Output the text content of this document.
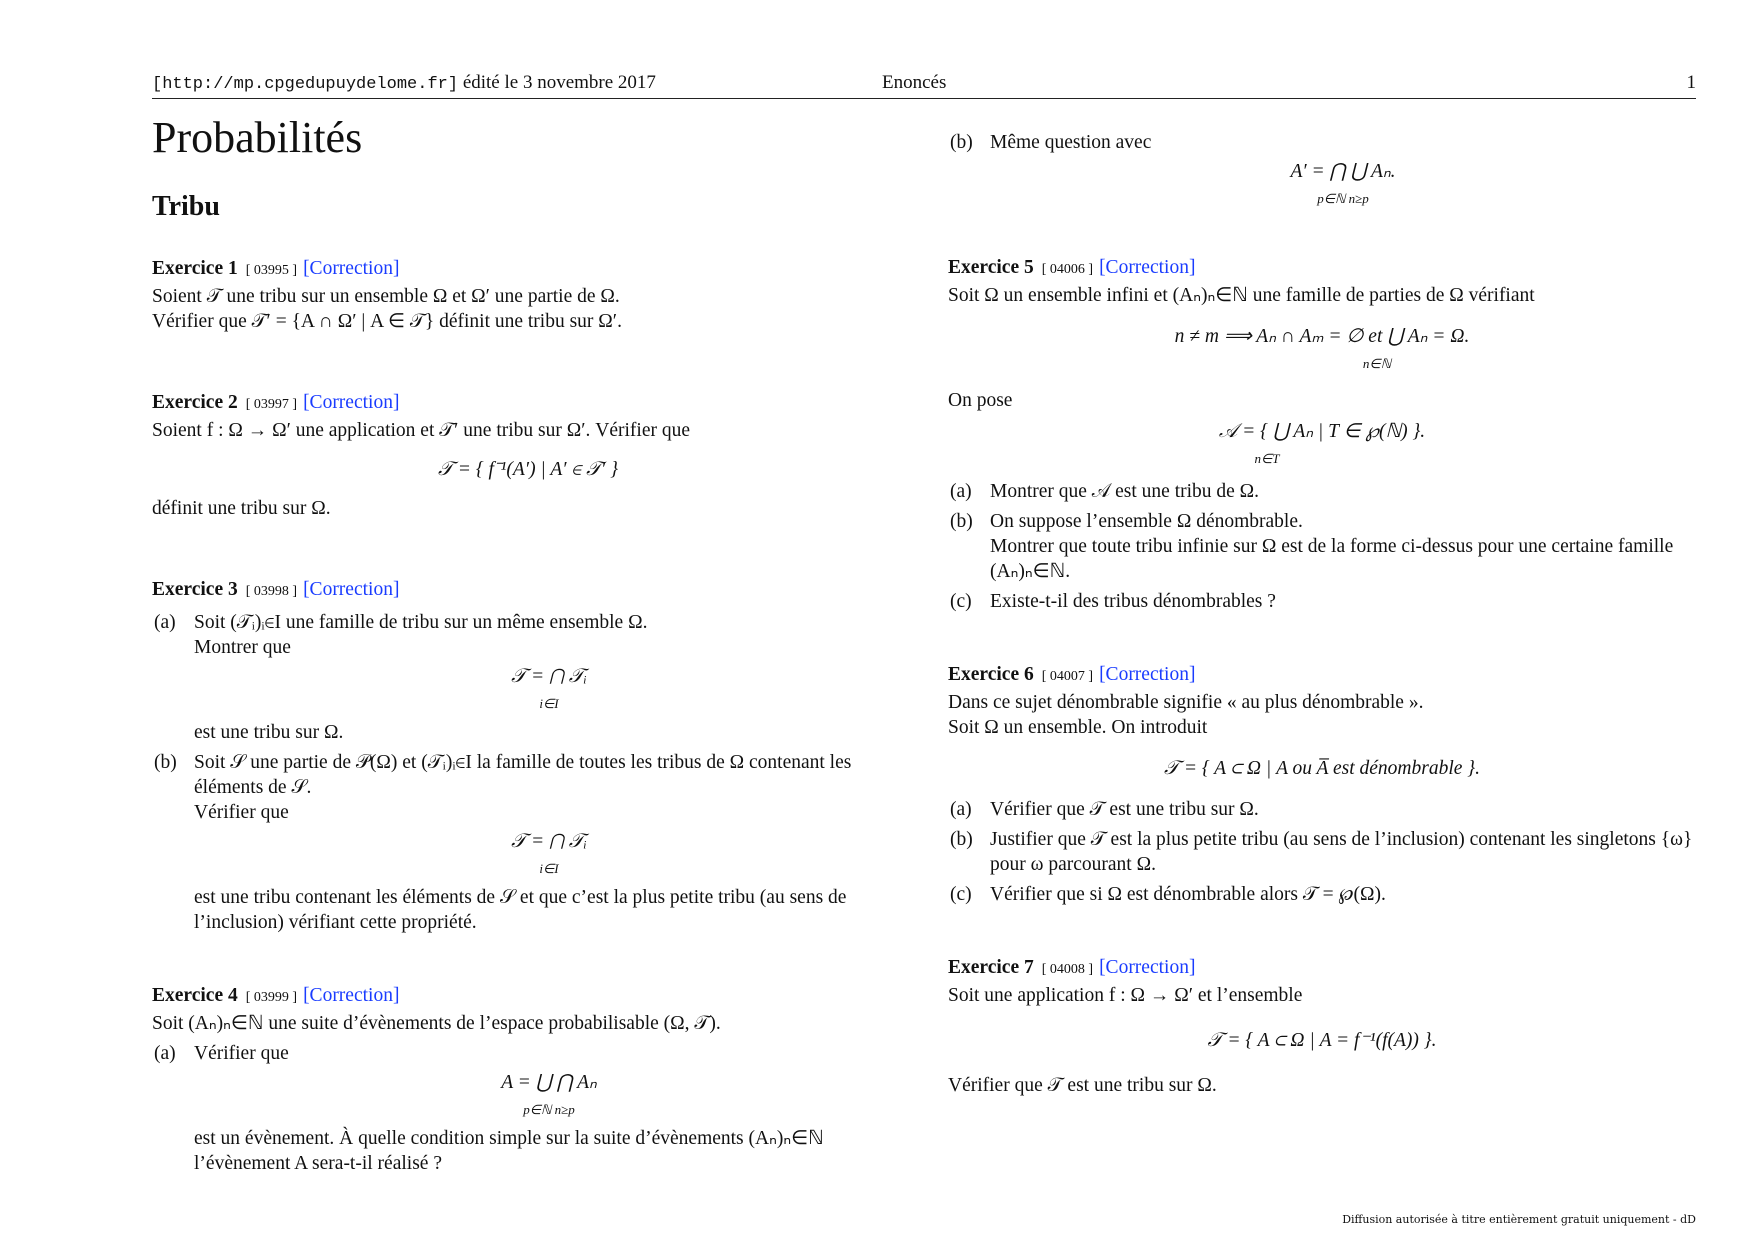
[http://mp.cpgedupuydelome.fr] édité le 3 novembre 2017	Enoncés	1
Probabilités
Tribu
Exercice 1 [ 03995 ] [Correction]

Soient 𝒯 une tribu sur un ensemble Ω et Ω′ une partie de Ω.

Vérifier que 𝒯′ = {A ∩ Ω′ | A ∈ 𝒯} définit une tribu sur Ω′.

Exercice 2 [ 03997 ] [Correction]

Soient f : Ω → Ω′ une application et 𝒯′ une tribu sur Ω′. Vérifier que

𝒯 = { f⁻¹(A′) | A′ ∈ 𝒯′ }

définit une tribu sur Ω.

Exercice 3 [ 03998 ] [Correction]
(a) Soit (𝒯ᵢ)ᵢ∈I une famille de tribu sur un même ensemble Ω.

Montrer que

𝒯 = ⋂ 𝒯ᵢ
i∈I

est une tribu sur Ω.

(b) Soit 𝒮 une partie de 𝒫(Ω) et (𝒯ᵢ)ᵢ∈I la famille de toutes les tribus de Ω contenant les éléments de 𝒮.

Vérifier que

𝒯 = ⋂ 𝒯ᵢ
i∈I

est une tribu contenant les éléments de 𝒮 et que c’est la plus petite tribu (au sens de l’inclusion) vérifiant cette propriété.

Exercice 4 [ 03999 ] [Correction]

Soit (Aₙ)ₙ∈ℕ une suite d’évènements de l’espace probabilisable (Ω, 𝒯).

(a) Vérifier que

A = ⋃ ⋂ Aₙ
p∈ℕ n≥p

est un évènement. À quelle condition simple sur la suite d’évènements (Aₙ)ₙ∈ℕ l’évènement A sera-t-il réalisé ?

(b) Même question avec

A′ = ⋂ ⋃ Aₙ.
p∈ℕ n≥p
Exercice 5 [ 04006 ] [Correction]

Soit Ω un ensemble infini et (Aₙ)ₙ∈ℕ une famille de parties de Ω vérifiant

n ≠ m ⟹ Aₙ ∩ Aₘ = ∅ et ⋃ Aₙ = Ω.
n∈ℕ

On pose

𝒜 = { ⋃ Aₙ | T ∈ ℘(ℕ) }.
n∈T
(a) Montrer que 𝒜 est une tribu de Ω.

(b) On suppose l’ensemble Ω dénombrable.

Montrer que toute tribu infinie sur Ω est de la forme ci-dessus pour une certaine famille (Aₙ)ₙ∈ℕ.

(c) Existe-t-il des tribus dénombrables ?

Exercice 6 [ 04007 ] [Correction]

Dans ce sujet dénombrable signifie « au plus dénombrable ».

Soit Ω un ensemble. On introduit

𝒯 = { A ⊂ Ω | A ou A̅ est dénombrable }.
(a) Vérifier que 𝒯 est une tribu sur Ω.

(b) Justifier que 𝒯 est la plus petite tribu (au sens de l’inclusion) contenant les singletons {ω} pour ω parcourant Ω.

(c) Vérifier que si Ω est dénombrable alors 𝒯 = ℘(Ω).

Exercice 7 [ 04008 ] [Correction]

Soit une application f : Ω → Ω′ et l’ensemble

𝒯 = { A ⊂ Ω | A = f⁻¹(f(A)) }.

Vérifier que 𝒯 est une tribu sur Ω.

Diffusion autorisée à titre entièrement gratuit uniquement - dD
